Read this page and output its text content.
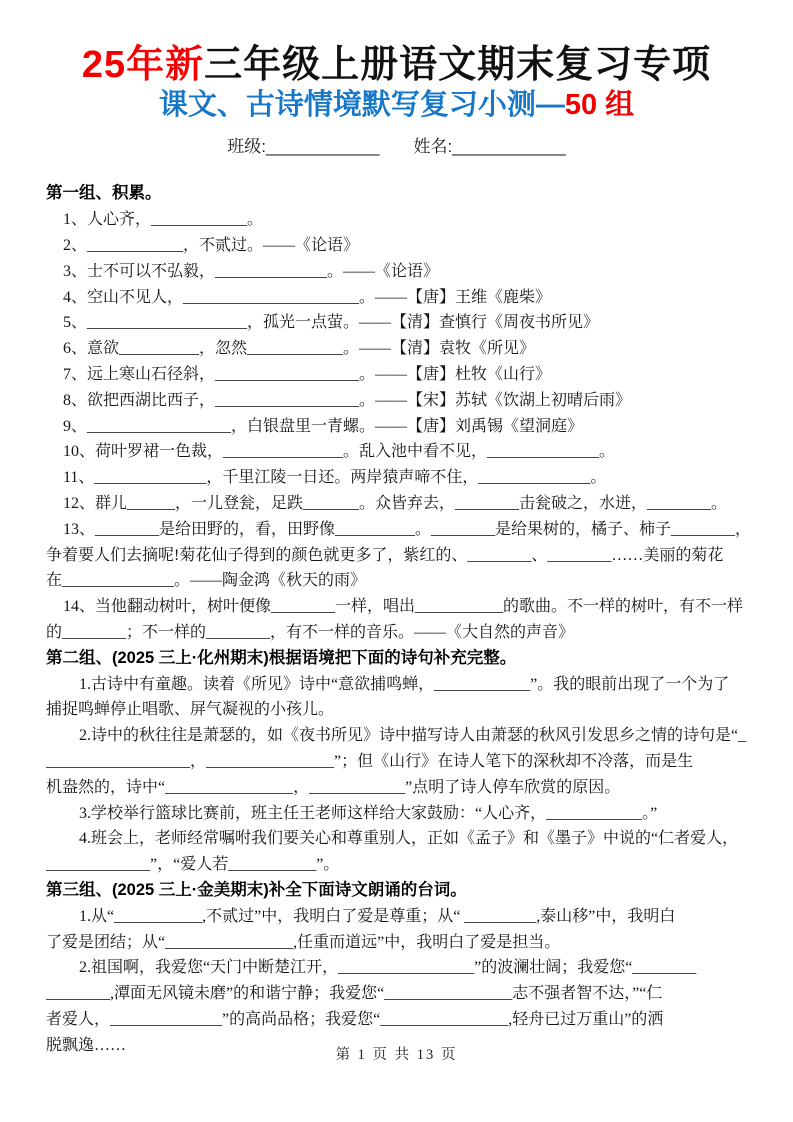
25年新三年级上册语文期末复习专项
课文、古诗情境默写复习小测—50 组
班级:____________ 姓名:____________
第一组、积累。
1、人心齐，____________。
2、____________，不贰过。——《论语》
3、士不可以不弘毅，______________。——《论语》
4、空山不见人，______________________。——【唐】王维《鹿柴》
5、____________________，孤光一点萤。——【清】查慎行《周夜书所见》
6、意欲__________，忽然____________。——【清】袁牧《所见》
7、远上寒山石径斜，__________________。——【唐】杜牧《山行》
8、欲把西湖比西子，__________________。——【宋】苏轼《饮湖上初晴后雨》
9、__________________，白银盘里一青螺。——【唐】刘禹锡《望洞庭》
10、荷叶罗裙一色裁，_______________。乱入池中看不见，______________。
11、______________，千里江陵一日还。两岸猿声啼不住，______________。
12、群儿______，一儿登瓮，足跌_______。众皆弃去，________击瓮破之，水迸，________。
13、________是给田野的，看，田野像__________。________是给果树的，橘子、柿子________，
争着要人们去摘呢!菊花仙子得到的颜色就更多了，紫红的、________、________……美丽的菊花
在______________。——陶金鸿《秋天的雨》
14、当他翻动树叶，树叶便像________一样，唱出___________的歌曲。不一样的树叶，有不一样
的________；不一样的________，有不一样的音乐。——《大自然的声音》
第二组、(2025 三上·化州期末)根据语境把下面的诗句补充完整。
1.古诗中有童趣。读着《所见》诗中“意欲捕鸣蝉，____________”。我的眼前出现了一个为了
捕捉鸣蝉停止唱歌、屏气凝视的小孩儿。
2.诗中的秋往往是萧瑟的，如《夜书所见》诗中描写诗人由萧瑟的秋风引发思乡之情的诗句是“_
__________________，________________”；但《山行》在诗人笔下的深秋却不冷落，而是生
机盎然的，诗中“________________，____________”点明了诗人停车欣赏的原因。
3.学校举行篮球比赛前，班主任王老师这样给大家鼓励：“人心齐，____________。”
4.班会上，老师经常嘱咐我们要关心和尊重别人，正如《孟子》和《墨子》中说的“仁者爱人，
_____________”，“爱人若___________”。
第三组、(2025 三上·金美期末)补全下面诗文朗诵的台词。
1.从“___________,不贰过”中，我明白了爱是尊重；从“ _________,泰山移”中，我明白
了爱是团结；从“________________,任重而道远”中，我明白了爱是担当。
2.祖国啊，我爱您“天门中断楚江开，_________________”的波澜壮阔；我爱您“________
________,潭面无风镜未磨”的和谐宁静；我爱您“________________志不强者智不达，”“仁
者爱人，______________”的高尚品格；我爱您“________________,轻舟已过万重山”的洒
脱飘逸……
第 1 页 共 13 页
